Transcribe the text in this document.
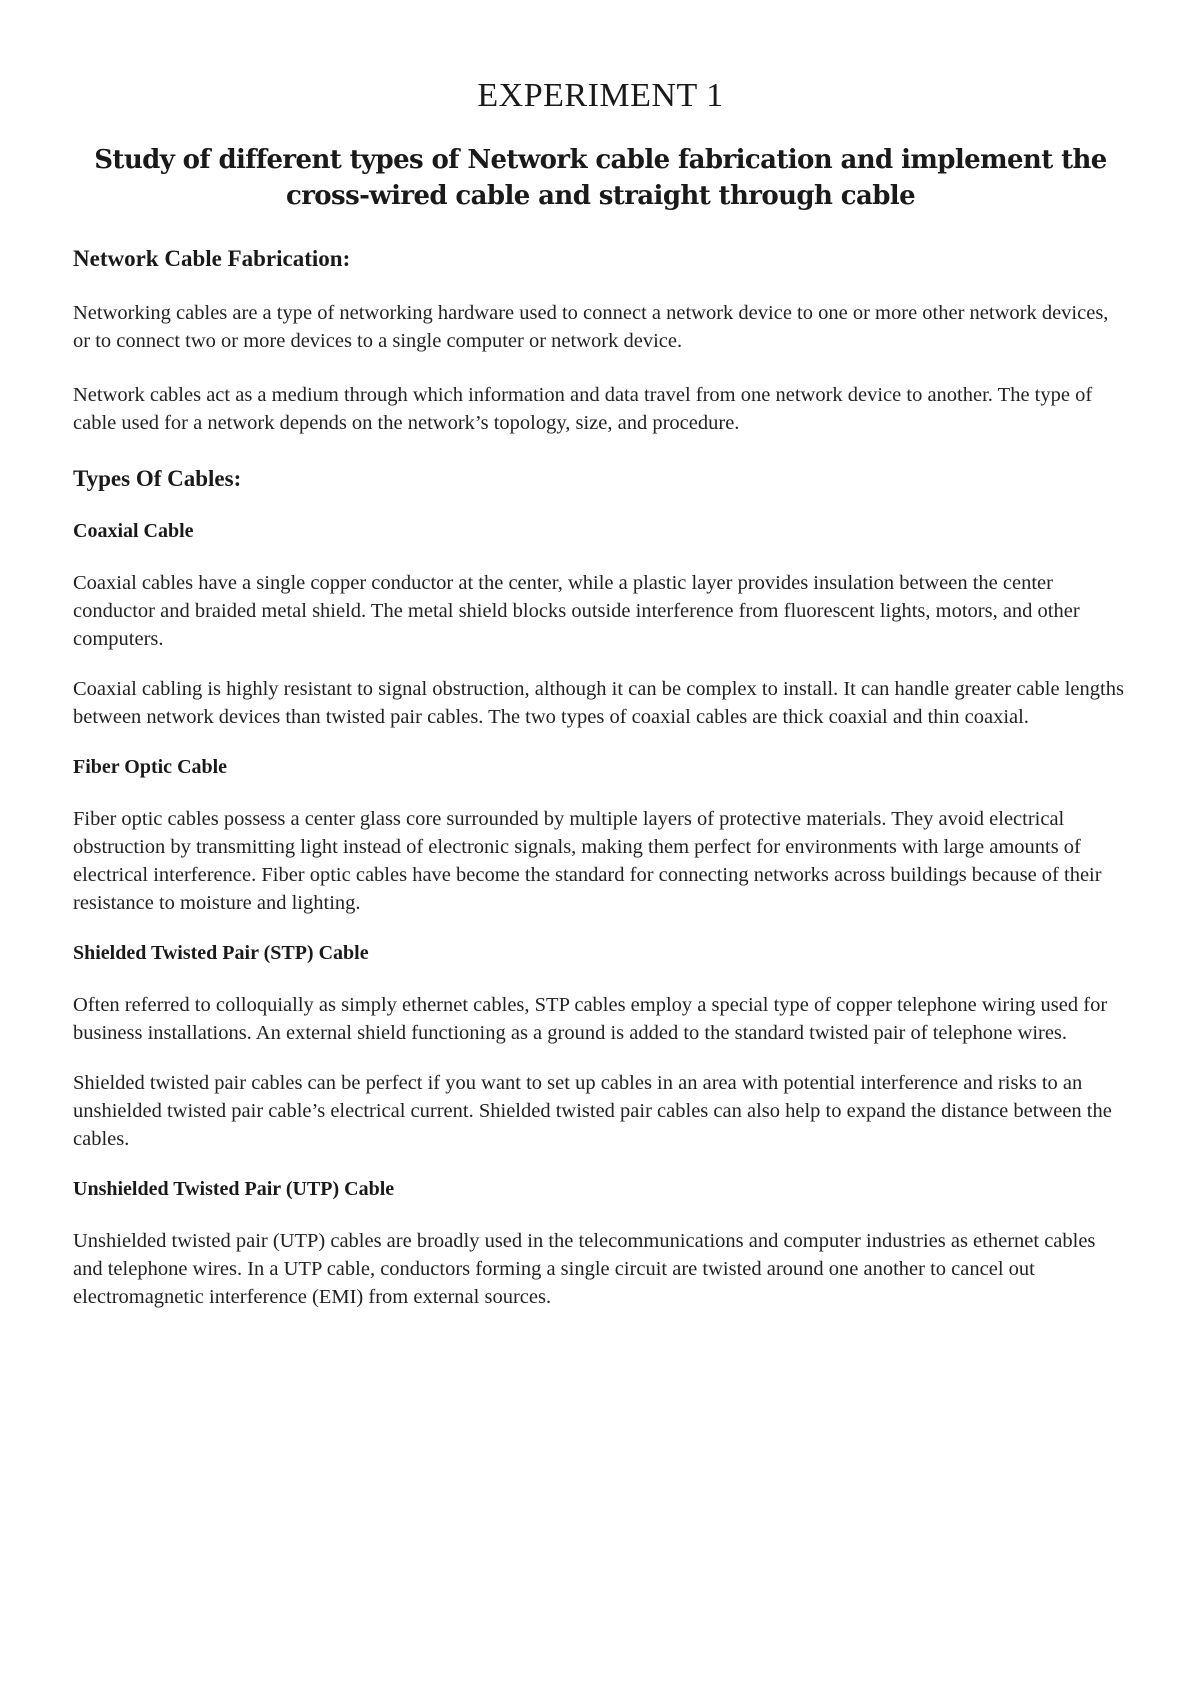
EXPERIMENT 1
Study of different types of Network cable fabrication and implement the cross-wired cable and straight through cable
Network Cable Fabrication:

Networking cables are a type of networking hardware used to connect a network device to one or more other network devices, or to connect two or more devices to a single computer or network device.

Network cables act as a medium through which information and data travel from one network device to another. The type of cable used for a network depends on the network’s topology, size, and procedure.

Types Of Cables:
Coaxial Cable

Coaxial cables have a single copper conductor at the center, while a plastic layer provides insulation between the center conductor and braided metal shield. The metal shield blocks outside interference from fluorescent lights, motors, and other computers.

Coaxial cabling is highly resistant to signal obstruction, although it can be complex to install. It can handle greater cable lengths between network devices than twisted pair cables. The two types of coaxial cables are thick coaxial and thin coaxial.

Fiber Optic Cable

Fiber optic cables possess a center glass core surrounded by multiple layers of protective materials. They avoid electrical obstruction by transmitting light instead of electronic signals, making them perfect for environments with large amounts of electrical interference. Fiber optic cables have become the standard for connecting networks across buildings because of their resistance to moisture and lighting.

Shielded Twisted Pair (STP) Cable

Often referred to colloquially as simply ethernet cables, STP cables employ a special type of copper telephone wiring used for business installations. An external shield functioning as a ground is added to the standard twisted pair of telephone wires.

Shielded twisted pair cables can be perfect if you want to set up cables in an area with potential interference and risks to an unshielded twisted pair cable’s electrical current. Shielded twisted pair cables can also help to expand the distance between the cables.

Unshielded Twisted Pair (UTP) Cable

Unshielded twisted pair (UTP) cables are broadly used in the telecommunications and computer industries as ethernet cables and telephone wires. In a UTP cable, conductors forming a single circuit are twisted around one another to cancel out electromagnetic interference (EMI) from external sources.
